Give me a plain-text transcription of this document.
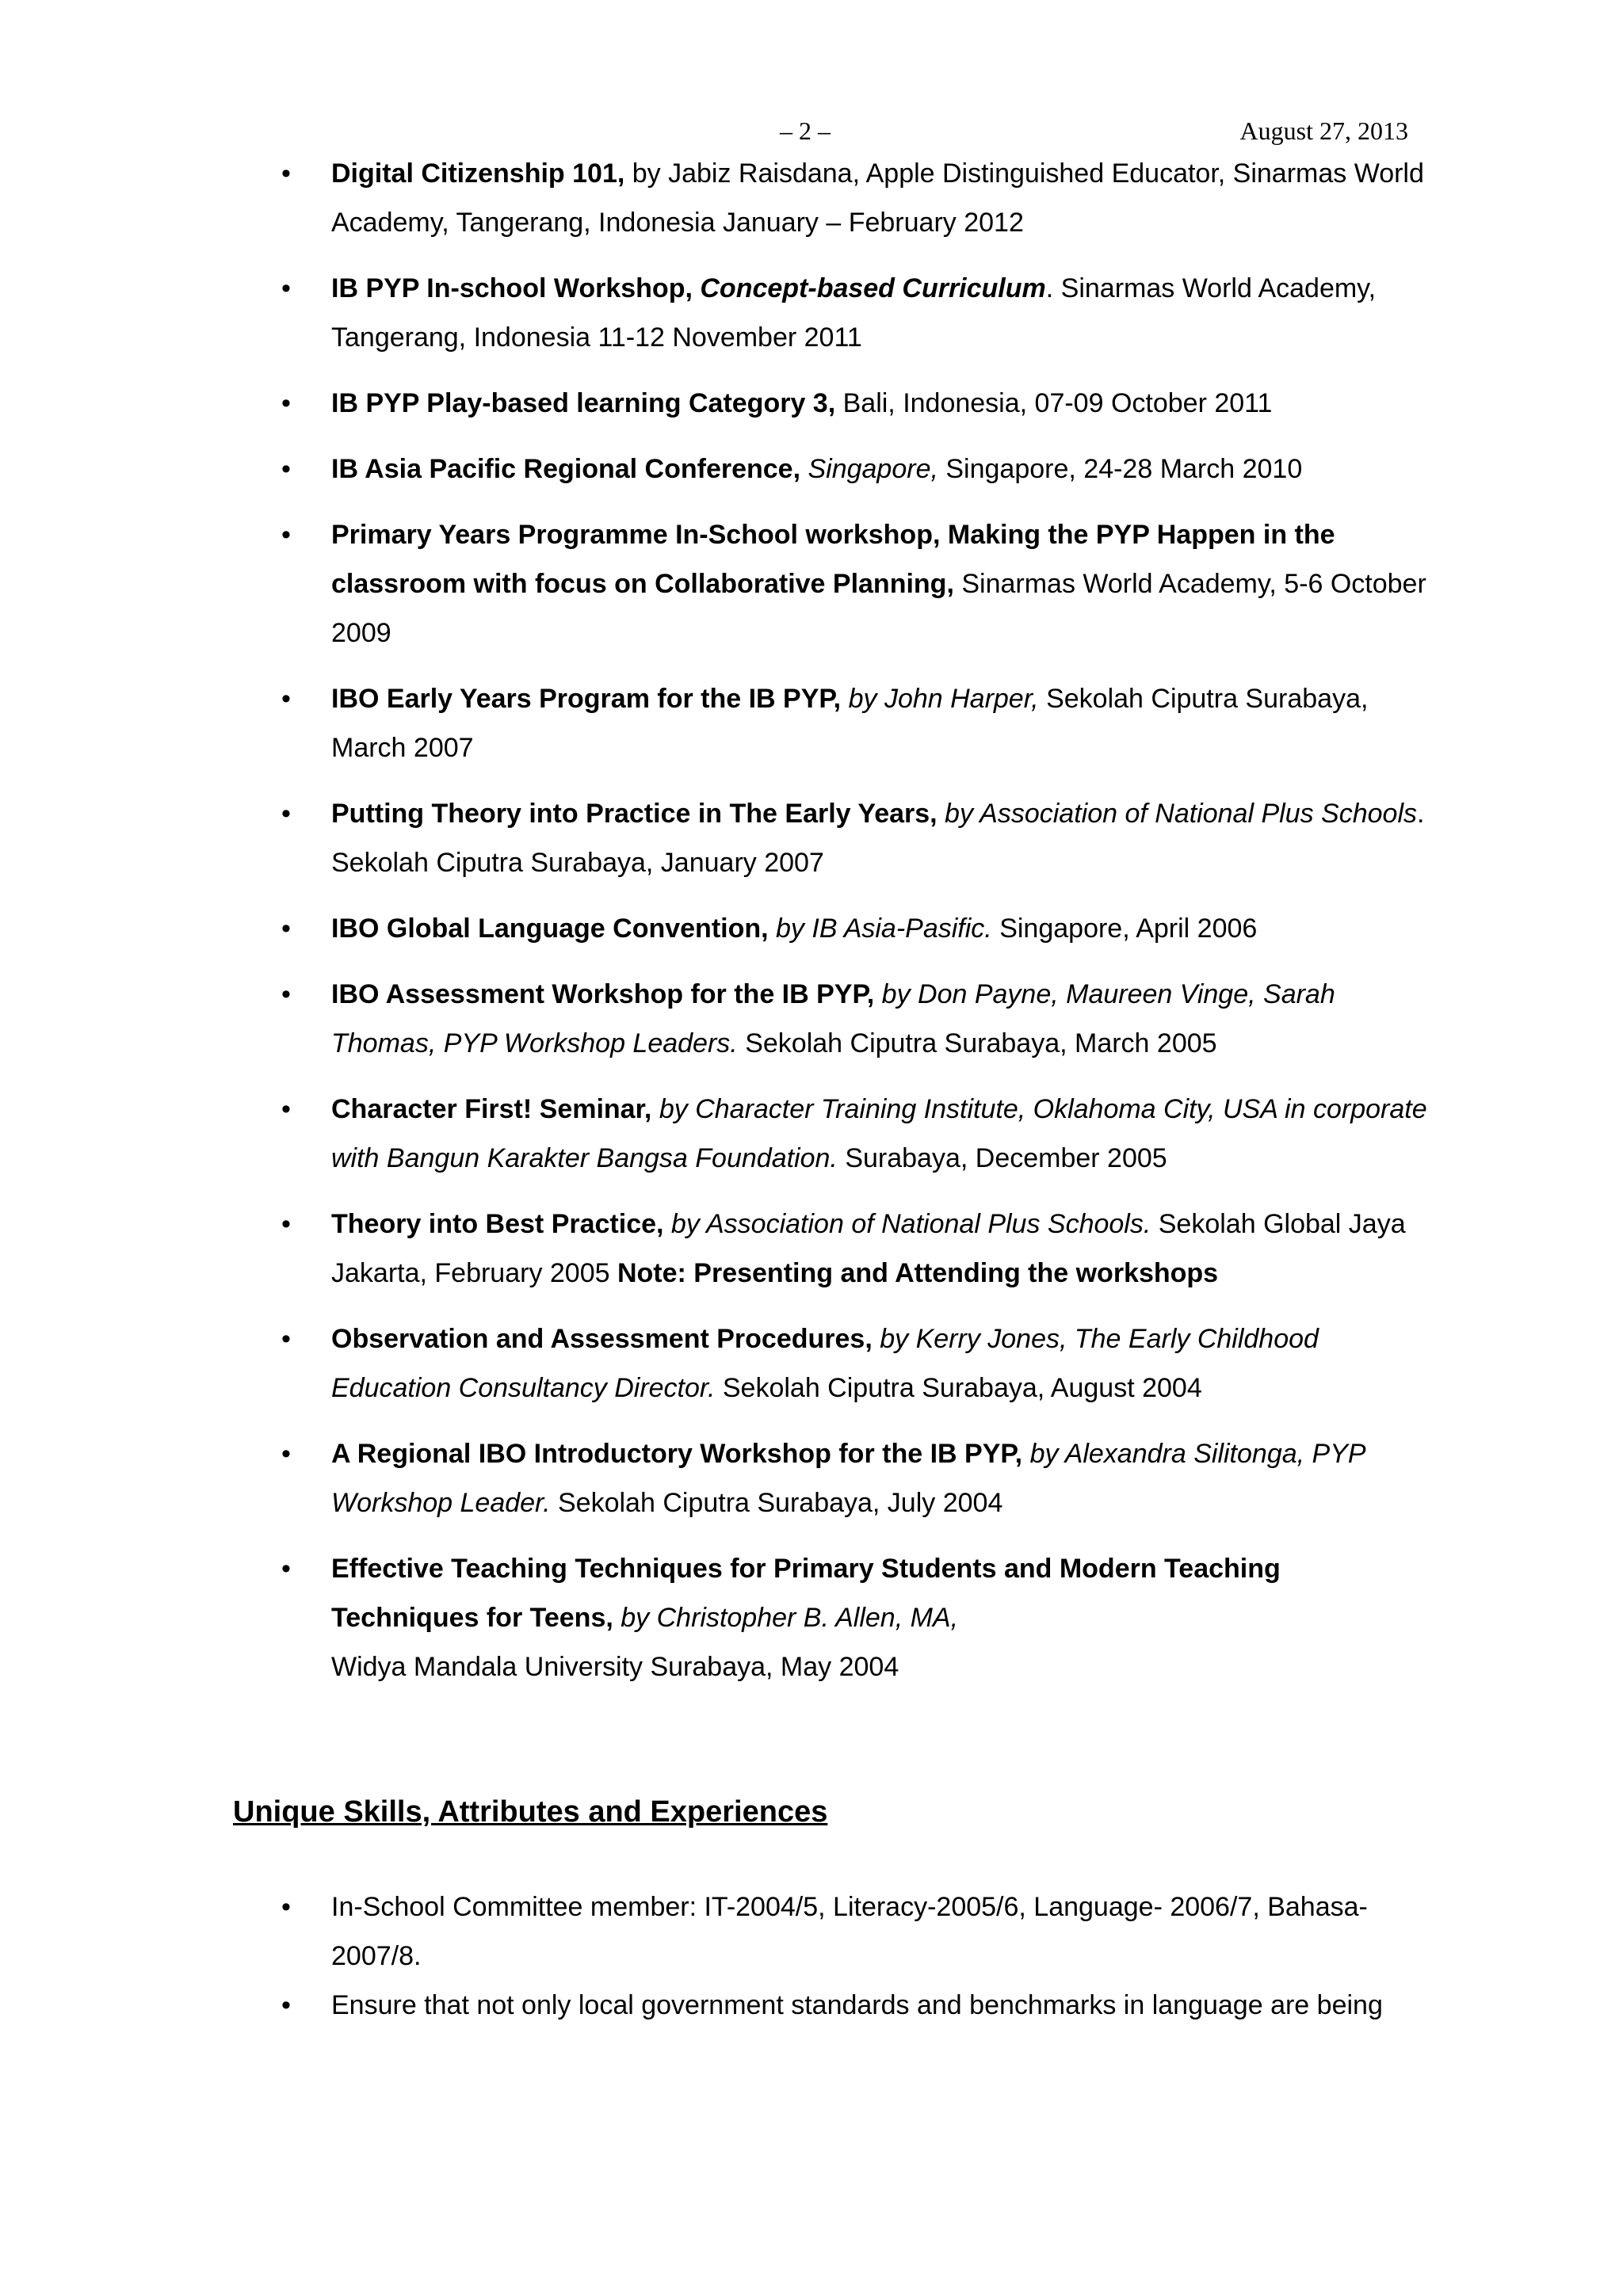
– 2 –	August 27, 2013
• Digital Citizenship 101, by Jabiz Raisdana, Apple Distinguished Educator, Sinarmas World Academy, Tangerang, Indonesia January – February 2012
• IB PYP In-school Workshop, Concept-based Curriculum. Sinarmas World Academy, Tangerang, Indonesia 11-12 November 2011
• IB PYP Play-based learning Category 3, Bali, Indonesia, 07-09 October 2011
• IB Asia Pacific Regional Conference, Singapore, Singapore, 24-28 March 2010
• Primary Years Programme In-School workshop, Making the PYP Happen in the classroom with focus on Collaborative Planning, Sinarmas World Academy, 5-6 October 2009
• IBO Early Years Program for the IB PYP, by John Harper, Sekolah Ciputra Surabaya, March 2007
• Putting Theory into Practice in The Early Years, by Association of National Plus Schools. Sekolah Ciputra Surabaya, January 2007
• IBO Global Language Convention, by IB Asia-Pasific. Singapore, April 2006
• IBO Assessment Workshop for the IB PYP, by Don Payne, Maureen Vinge, Sarah Thomas, PYP Workshop Leaders. Sekolah Ciputra Surabaya, March 2005
• Character First! Seminar, by Character Training Institute, Oklahoma City, USA in corporate with Bangun Karakter Bangsa Foundation. Surabaya, December 2005
• Theory into Best Practice, by Association of National Plus Schools. Sekolah Global Jaya Jakarta, February 2005 Note: Presenting and Attending the workshops
• Observation and Assessment Procedures, by Kerry Jones, The Early Childhood Education Consultancy Director. Sekolah Ciputra Surabaya, August 2004
• A Regional IBO Introductory Workshop for the IB PYP, by Alexandra Silitonga, PYP Workshop Leader. Sekolah Ciputra Surabaya, July 2004
• Effective Teaching Techniques for Primary Students and Modern Teaching Techniques for Teens, by Christopher B. Allen, MA,
Widya Mandala University Surabaya, May 2004
Unique Skills, Attributes and Experiences
• In-School Committee member: IT-2004/5, Literacy-2005/6, Language- 2006/7, Bahasa-2007/8.
• Ensure that not only local government standards and benchmarks in language are being
